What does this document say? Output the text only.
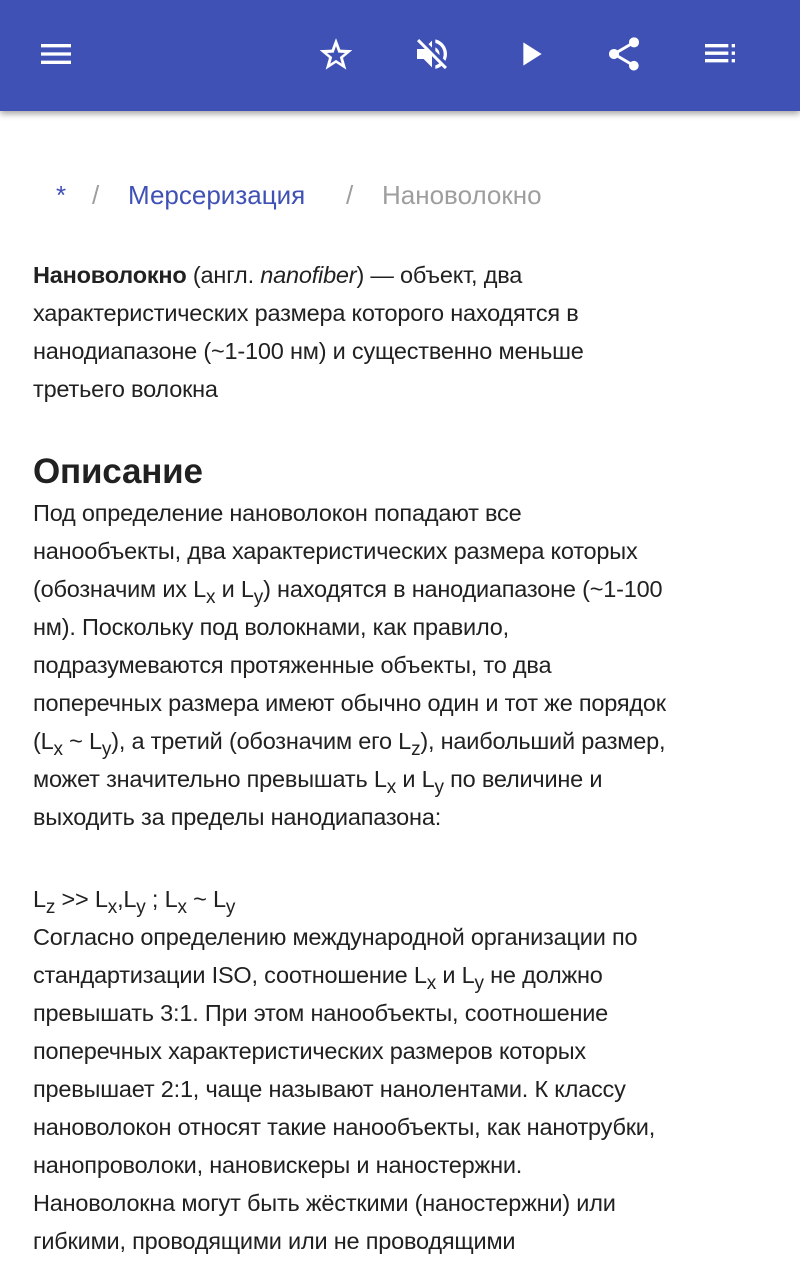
* / Мерсеризация / Нановолокно
Нановолокно (англ. nanofiber) — объект, два
характеристических размера которого находятся в
нанодиапазоне (~1-100 нм) и существенно меньше
третьего волокна
Описание
Под определение нановолокон попадают все
нанообъекты, два характеристических размера которых
(обозначим их $L_x$ и $L_y$) находятся в нанодиапазоне (~1-100
нм). Поскольку под волокнами, как правило,
подразумеваются протяженные объекты, то два
поперечных размера имеют обычно один и тот же порядок
($L_x$ ~ $L_y$), а третий (обозначим его $L_z$), наибольший размер,
может значительно превышать $L_x$ и $L_y$ по величине и
выходить за пределы нанодиапазона:
$L_z >> L_x,L_y$ ; $L_x$ ~ $L_y$
Согласно определению международной организации по
стандартизации ISO, соотношение $L_x$ и $L_y$ не должно
превышать 3:1. При этом нанообъекты, соотношение
поперечных характеристических размеров которых
превышает 2:1, чаще называют нанолентами. К классу
нановолокон относят такие нанообъекты, как нанотрубки,
нанопроволоки, нановискеры и наностержни.
Нановолокна могут быть жёсткими (наностержни) или
гибкими, проводящими или не проводящими
